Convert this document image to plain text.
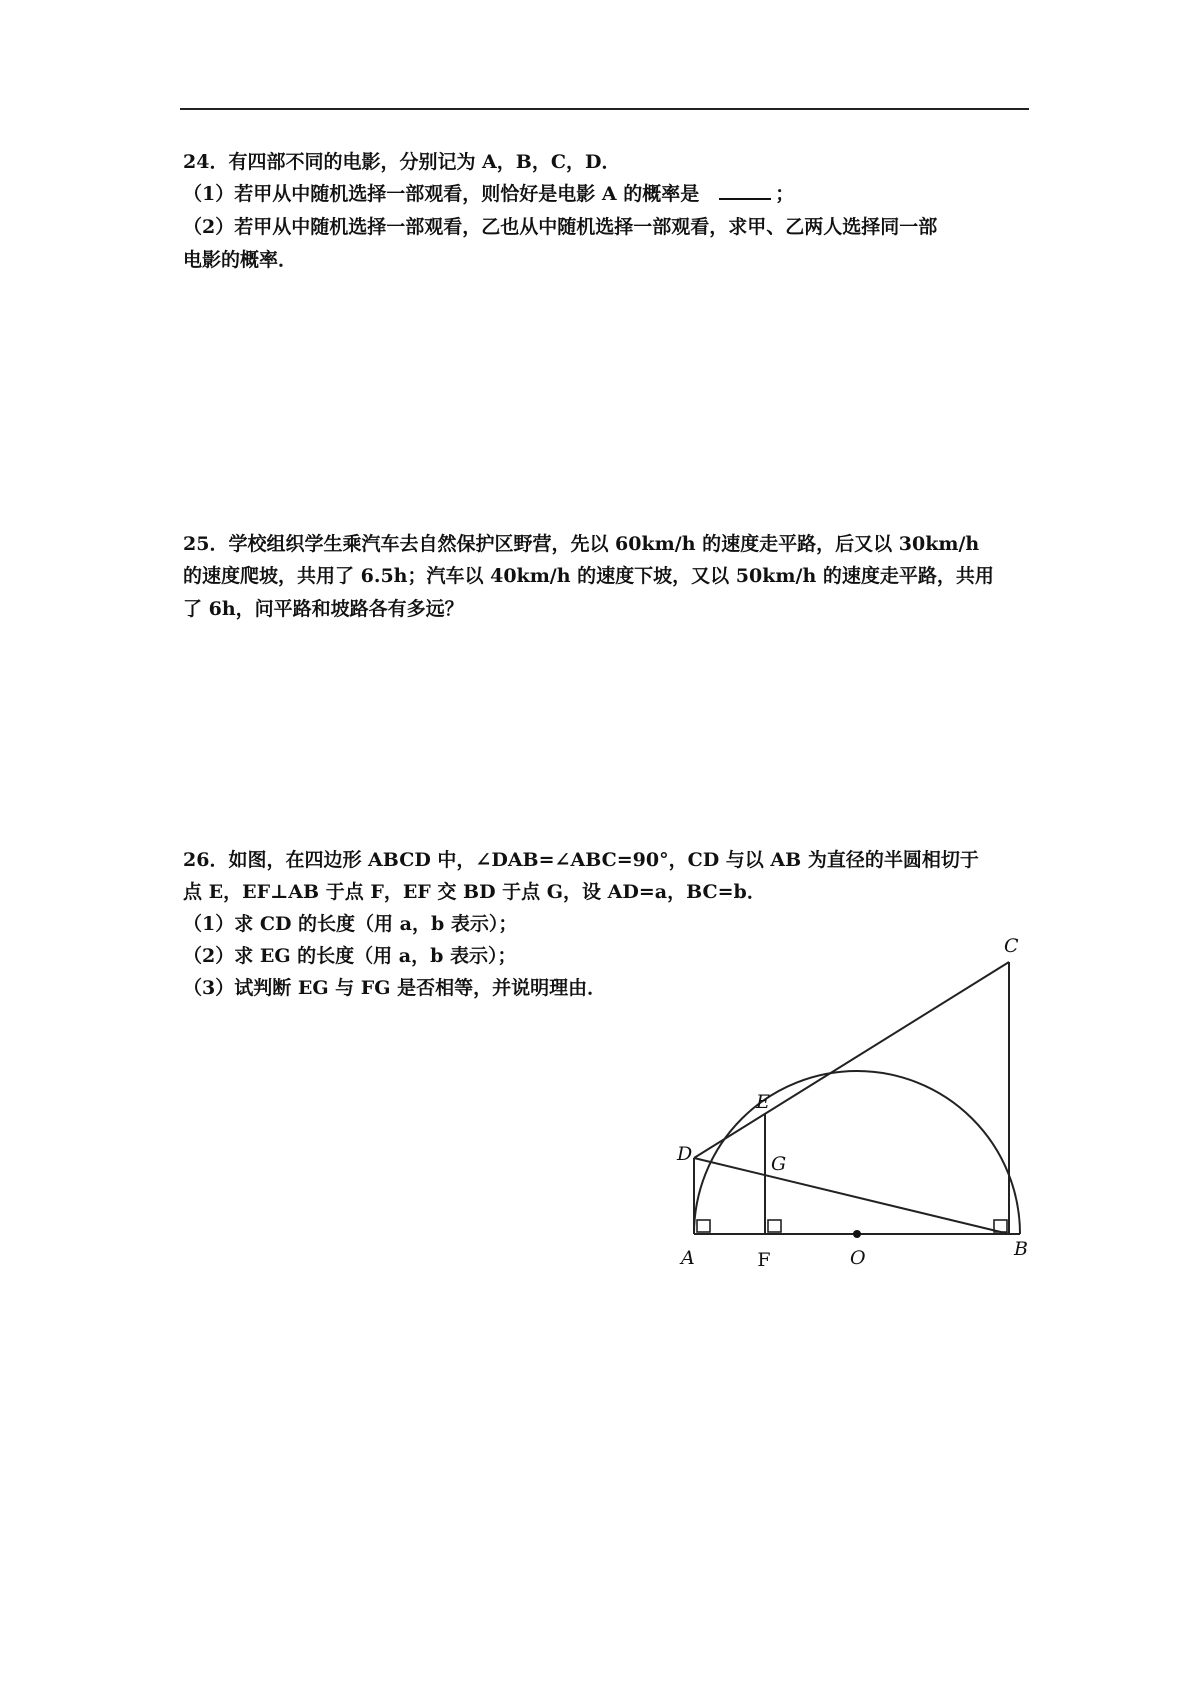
24．有四部不同的电影，分别记为 A，B，C，D．
（1）若甲从中随机选择一部观看，则恰好是电影 A 的概率是	；
（2）若甲从中随机选择一部观看，乙也从中随机选择一部观看，求甲、乙两人选择同一部
电影的概率．
25．学校组织学生乘汽车去自然保护区野营，先以 60km/h 的速度走平路，后又以 30km/h
的速度爬坡，共用了 6.5h；汽车以 40km/h 的速度下坡，又以 50km/h 的速度走平路，共用
了 6h，问平路和坡路各有多远？
26．如图，在四边形 ABCD 中，∠DAB=∠ABC=90°，CD 与以 AB 为直径的半圆相切于
点 E，EF⊥AB 于点 F，EF 交 BD 于点 G，设 AD=a，BC=b．
（1）求 CD 的长度（用 a，b 表示）；
（2）求 EG 的长度（用 a，b 表示）；
（3）试判断 EG 与 FG 是否相等，并说明理由．
C
E
D	G
A	O	B
F
